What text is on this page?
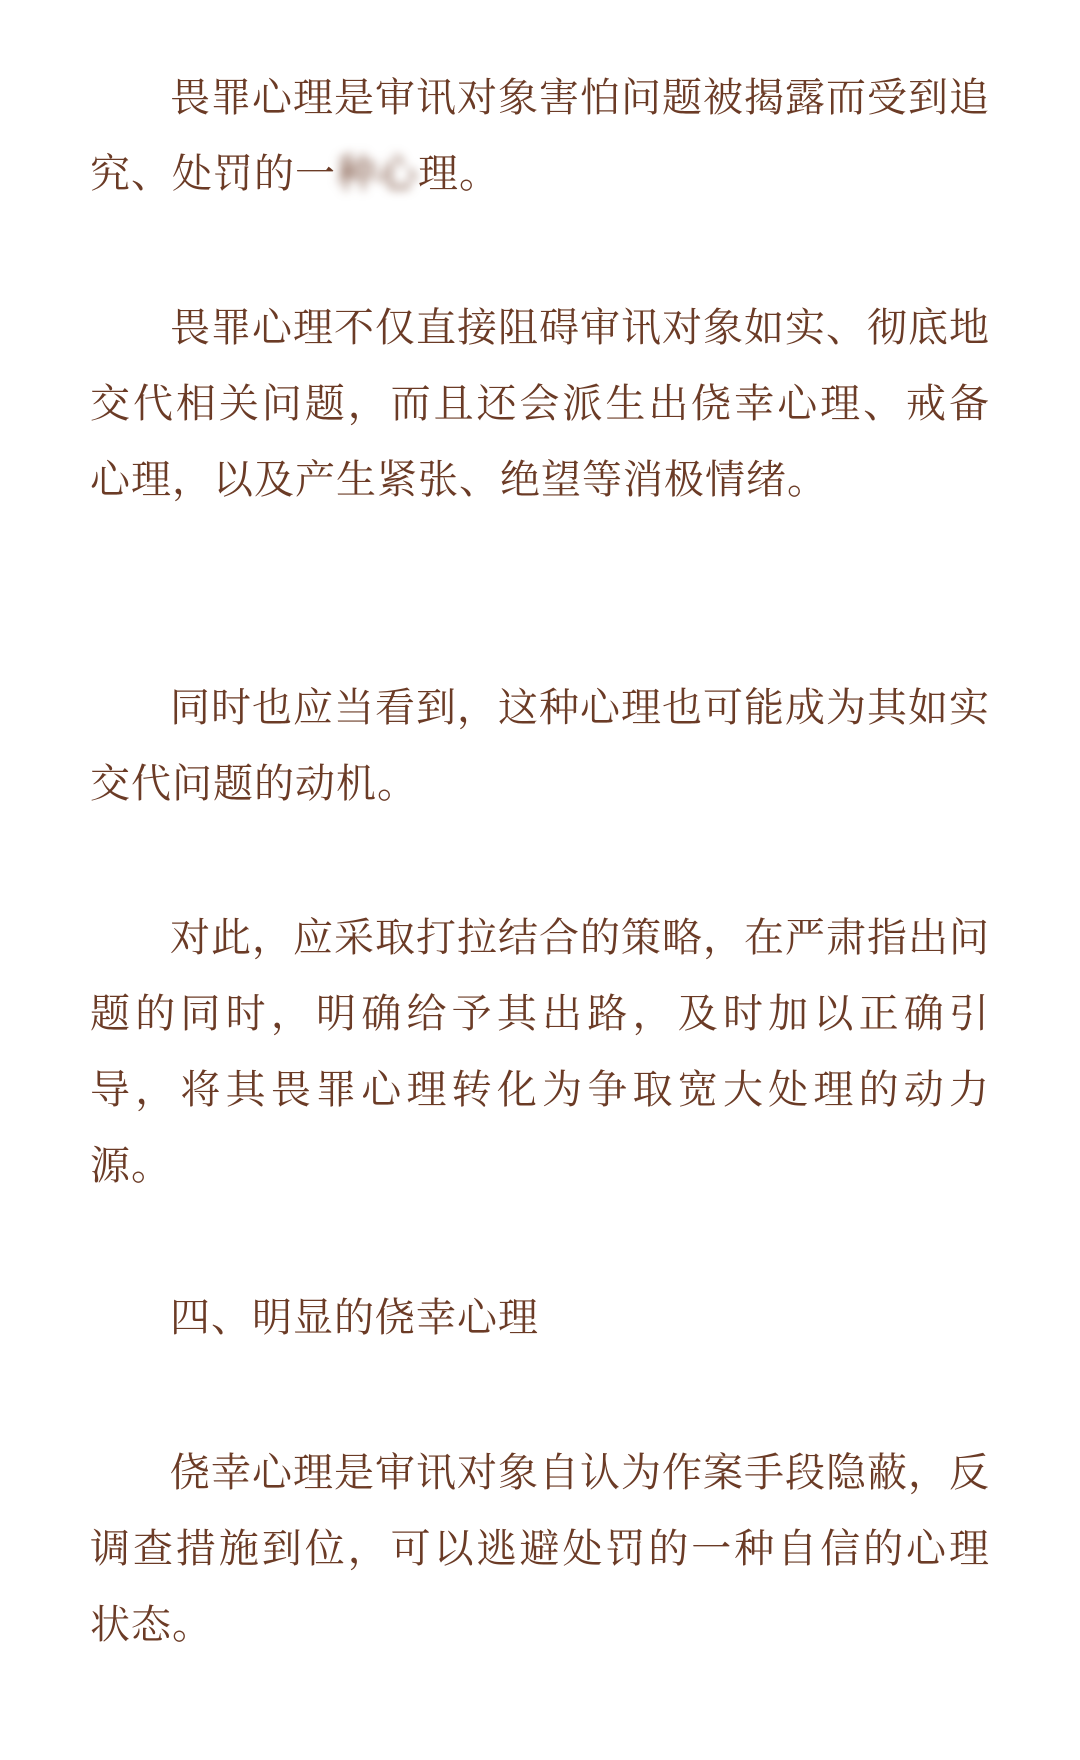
畏罪心理是审讯对象害怕问题被揭露而受到追究、处罚的一种心理。

畏罪心理不仅直接阻碍审讯对象如实、彻底地交代相关问题，而且还会派生出侥幸心理、戒备心理，以及产生紧张、绝望等消极情绪。

同时也应当看到，这种心理也可能成为其如实交代问题的动机。

对此，应采取打拉结合的策略，在严肃指出问题的同时，明确给予其出路，及时加以正确引导，将其畏罪心理转化为争取宽大处理的动力源。

四、明显的侥幸心理

侥幸心理是审讯对象自认为作案手段隐蔽，反调查措施到位，可以逃避处罚的一种自信的心理状态。
